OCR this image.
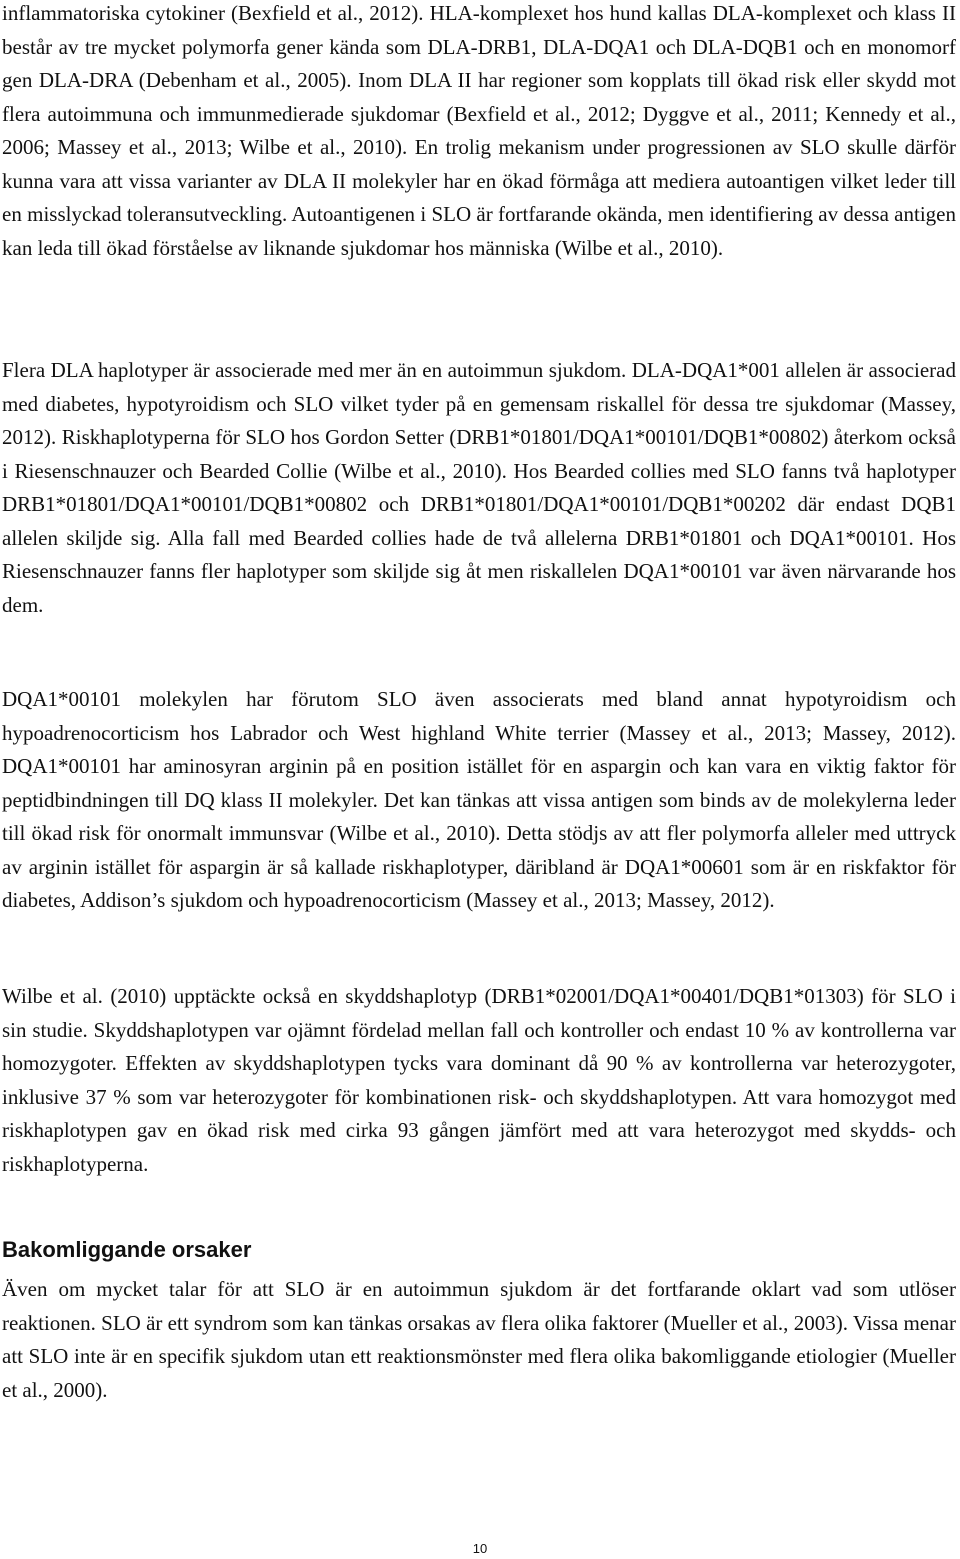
inflammatoriska cytokiner (Bexfield et al., 2012). HLA-komplexet hos hund kallas DLA-komplexet och klass II består av tre mycket polymorfa gener kända som DLA-DRB1, DLA-DQA1 och DLA-DQB1 och en monomorf gen DLA-DRA (Debenham et al., 2005). Inom DLA II har regioner som kopplats till ökad risk eller skydd mot flera autoimmuna och immunmedierade sjukdomar (Bexfield et al., 2012; Dyggve et al., 2011; Kennedy et al., 2006; Massey et al., 2013; Wilbe et al., 2010). En trolig mekanism under progressionen av SLO skulle därför kunna vara att vissa varianter av DLA II molekyler har en ökad förmåga att mediera autoantigen vilket leder till en misslyckad toleransutveckling. Autoantigenen i SLO är fortfarande okända, men identifiering av dessa antigen kan leda till ökad förståelse av liknande sjukdomar hos människa (Wilbe et al., 2010).

Flera DLA haplotyper är associerade med mer än en autoimmun sjukdom. DLA-DQA1*001 allelen är associerad med diabetes, hypotyroidism och SLO vilket tyder på en gemensam riskallel för dessa tre sjukdomar (Massey, 2012). Riskhaplotyperna för SLO hos Gordon Setter (DRB1*01801/DQA1*00101/DQB1*00802) återkom också i Riesenschnauzer och Bearded Collie (Wilbe et al., 2010). Hos Bearded collies med SLO fanns två haplotyper DRB1*01801/DQA1*00101/DQB1*00802 och DRB1*01801/DQA1*00101/DQB1*00202 där endast DQB1 allelen skiljde sig. Alla fall med Bearded collies hade de två allelerna DRB1*01801 och DQA1*00101. Hos Riesenschnauzer fanns fler haplotyper som skiljde sig åt men riskallelen DQA1*00101 var även närvarande hos dem.

DQA1*00101 molekylen har förutom SLO även associerats med bland annat hypotyroidism och hypoadrenocorticism hos Labrador och West highland White terrier (Massey et al., 2013; Massey, 2012). DQA1*00101 har aminosyran arginin på en position istället för en aspargin och kan vara en viktig faktor för peptidbindningen till DQ klass II molekyler. Det kan tänkas att vissa antigen som binds av de molekylerna leder till ökad risk för onormalt immunsvar (Wilbe et al., 2010). Detta stödjs av att fler polymorfa alleler med uttryck av arginin istället för aspargin är så kallade riskhaplotyper, däribland är DQA1*00601 som är en riskfaktor för diabetes, Addison’s sjukdom och hypoadrenocorticism (Massey et al., 2013; Massey, 2012).

Wilbe et al. (2010) upptäckte också en skyddshaplotyp (DRB1*02001/DQA1*00401/DQB1*01303) för SLO i sin studie. Skyddshaplotypen var ojämnt fördelad mellan fall och kontroller och endast 10 % av kontrollerna var homozygoter. Effekten av skyddshaplotypen tycks vara dominant då 90 % av kontrollerna var heterozygoter, inklusive 37 % som var heterozygoter för kombinationen risk- och skyddshaplotypen. Att vara homozygot med riskhaplotypen gav en ökad risk med cirka 93 gången jämfört med att vara heterozygot med skydds- och riskhaplotyperna.

Bakomliggande orsaker

Även om mycket talar för att SLO är en autoimmun sjukdom är det fortfarande oklart vad som utlöser reaktionen. SLO är ett syndrom som kan tänkas orsakas av flera olika faktorer (Mueller et al., 2003). Vissa menar att SLO inte är en specifik sjukdom utan ett reaktionsmönster med flera olika bakomliggande etiologier (Mueller et al., 2000).

10
